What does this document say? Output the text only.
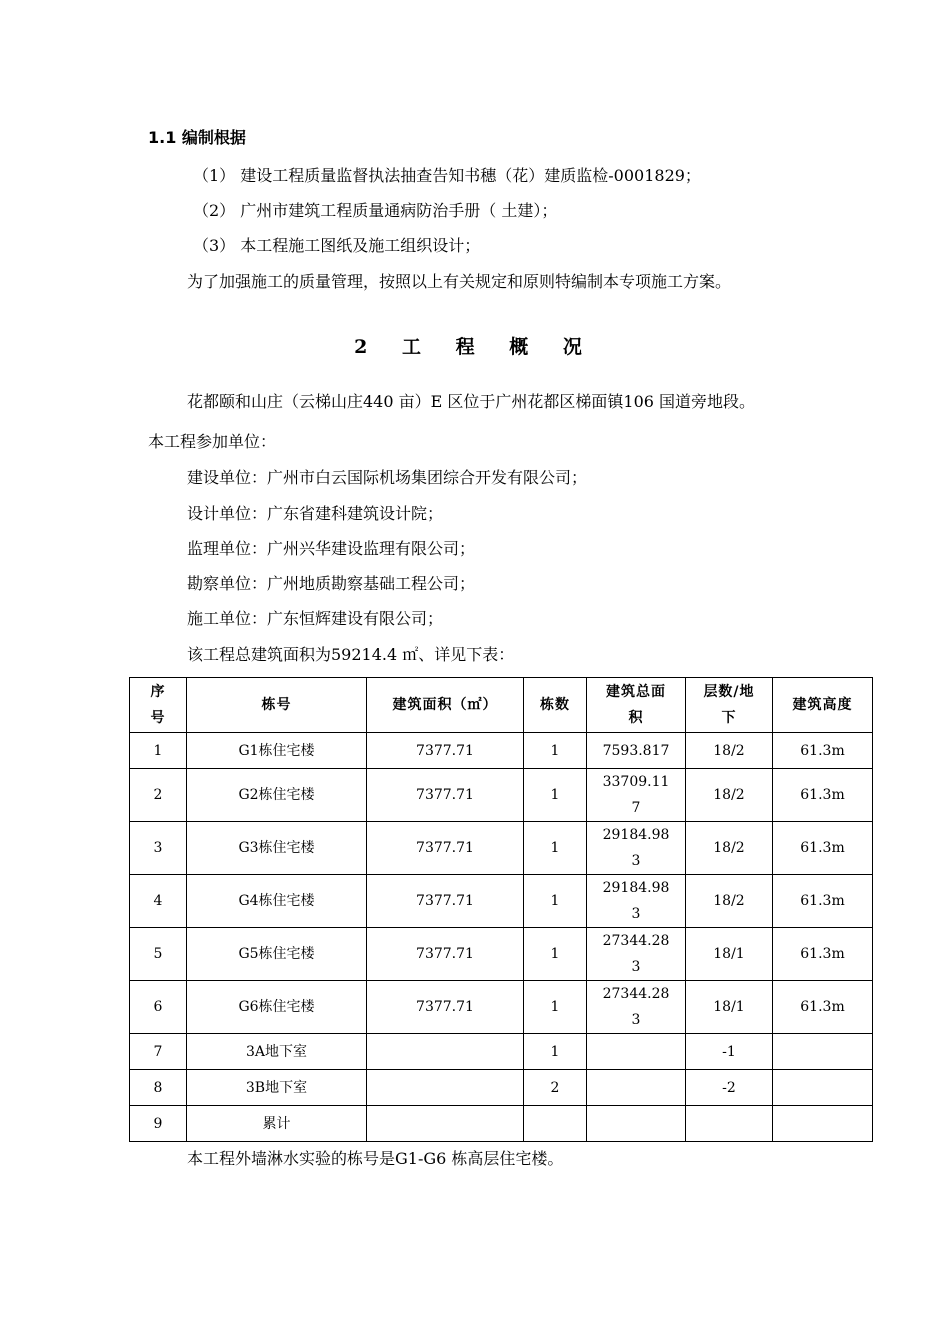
1.1 编制根据
（1） 建设工程质量监督执法抽查告知书穗（花）建质监检-0001829；
（2） 广州市建筑工程质量通病防治手册（ 土建）；
（3） 本工程施工图纸及施工组织设计；
为了加强施工的质量管理，按照以上有关规定和原则特编制本专项施工方案。
2 工 程 概 况
花都颐和山庄（云梯山庄440 亩）E 区位于广州花都区梯面镇106 国道旁地段。
本工程参加单位：
建设单位：广州市白云国际机场集团综合开发有限公司；
设计单位：广东省建科建筑设计院；
监理单位：广州兴华建设监理有限公司；
勘察单位：广州地质勘察基础工程公司；
施工单位：广东恒辉建设有限公司；
该工程总建筑面积为59214.4 ㎡、详见下表：
序号	栋号	建筑面积（㎡）	栋数	建筑总面积	层数/地下	建筑高度
1	G1栋住宅楼	7377.71	1	7593.817	18/2	61.3m
2	G2栋住宅楼	7377.71	1	33709.117	18/2	61.3m
3	G3栋住宅楼	7377.71	1	29184.983	18/2	61.3m
4	G4栋住宅楼	7377.71	1	29184.983	18/2	61.3m
5	G5栋住宅楼	7377.71	1	27344.283	18/1	61.3m
6	G6栋住宅楼	7377.71	1	27344.283	18/1	61.3m
7	3A地下室		1		-1	
8	3B地下室		2		-2	
9	累计					
本工程外墙淋水实验的栋号是G1-G6 栋高层住宅楼。
